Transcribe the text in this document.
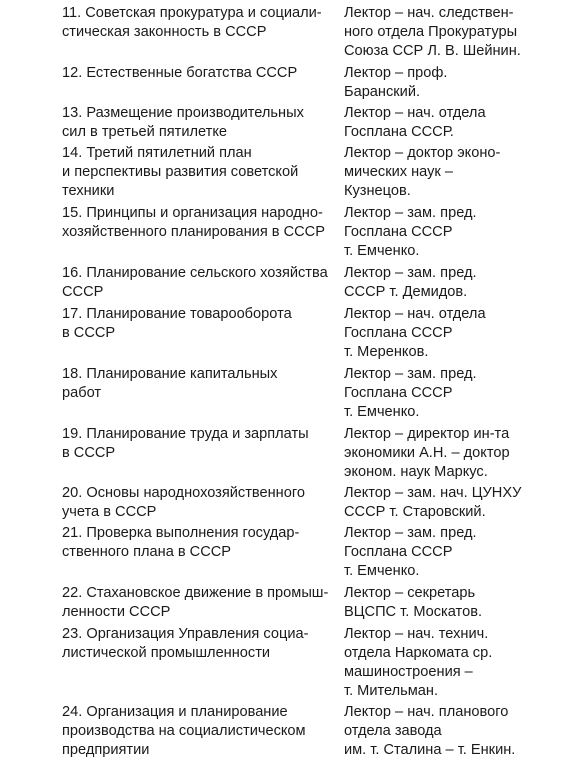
11. Советская прокуратура и социали-
стическая законность в СССР

Лектор – нач. следствен-
ного отдела Прокуратуры
Союза ССР Л. В. Шейнин.

12. Естественные богатства СССР	Лектор – проф.
Баранский.

13. Размещение производительных
сил в третьей пятилетке

Лектор – нач. отдела
Госплана СССР.

14. Третий пятилетний план
и перспективы развития советской
техники

Лектор – доктор эконо-
мических наук –
Кузнецов.

15. Принципы и организация народно-
хозяйственного планирования в СССР

Лектор – зам. пред.
Госплана СССР
т. Емченко.

16. Планирование сельского хозяйства
СССР

Лектор – зам. пред.
СССР т. Демидов.

17. Планирование товарооборота
в СССР

Лектор – нач. отдела
Госплана СССР
т. Меренков.

18. Планирование капитальных
работ

Лектор – зам. пред.
Госплана СССР
т. Емченко.

19. Планирование труда и зарплаты
в СССР

Лектор – директор ин-та
экономики А.Н. – доктор
эконом. наук Маркус.

20. Основы народнохозяйственного
учета в СССР

Лектор – зам. нач. ЦУНХУ
СССР т. Старовский.

21. Проверка выполнения государ-
ственного плана в СССР

Лектор – зам. пред.
Госплана СССР
т. Емченко.

22. Стахановское движение в промыш-
ленности СССР

Лектор – секретарь
ВЦСПС т. Москатов.

23. Организация Управления социа-
листической промышленности

Лектор – нач. технич.
отдела Наркомата ср.
машиностроения –
т. Мительман.

24. Организация и планирование
производства на социалистическом
предприятии

Лектор – нач. планового
отдела завода
им. т. Сталина – т. Енкин.
